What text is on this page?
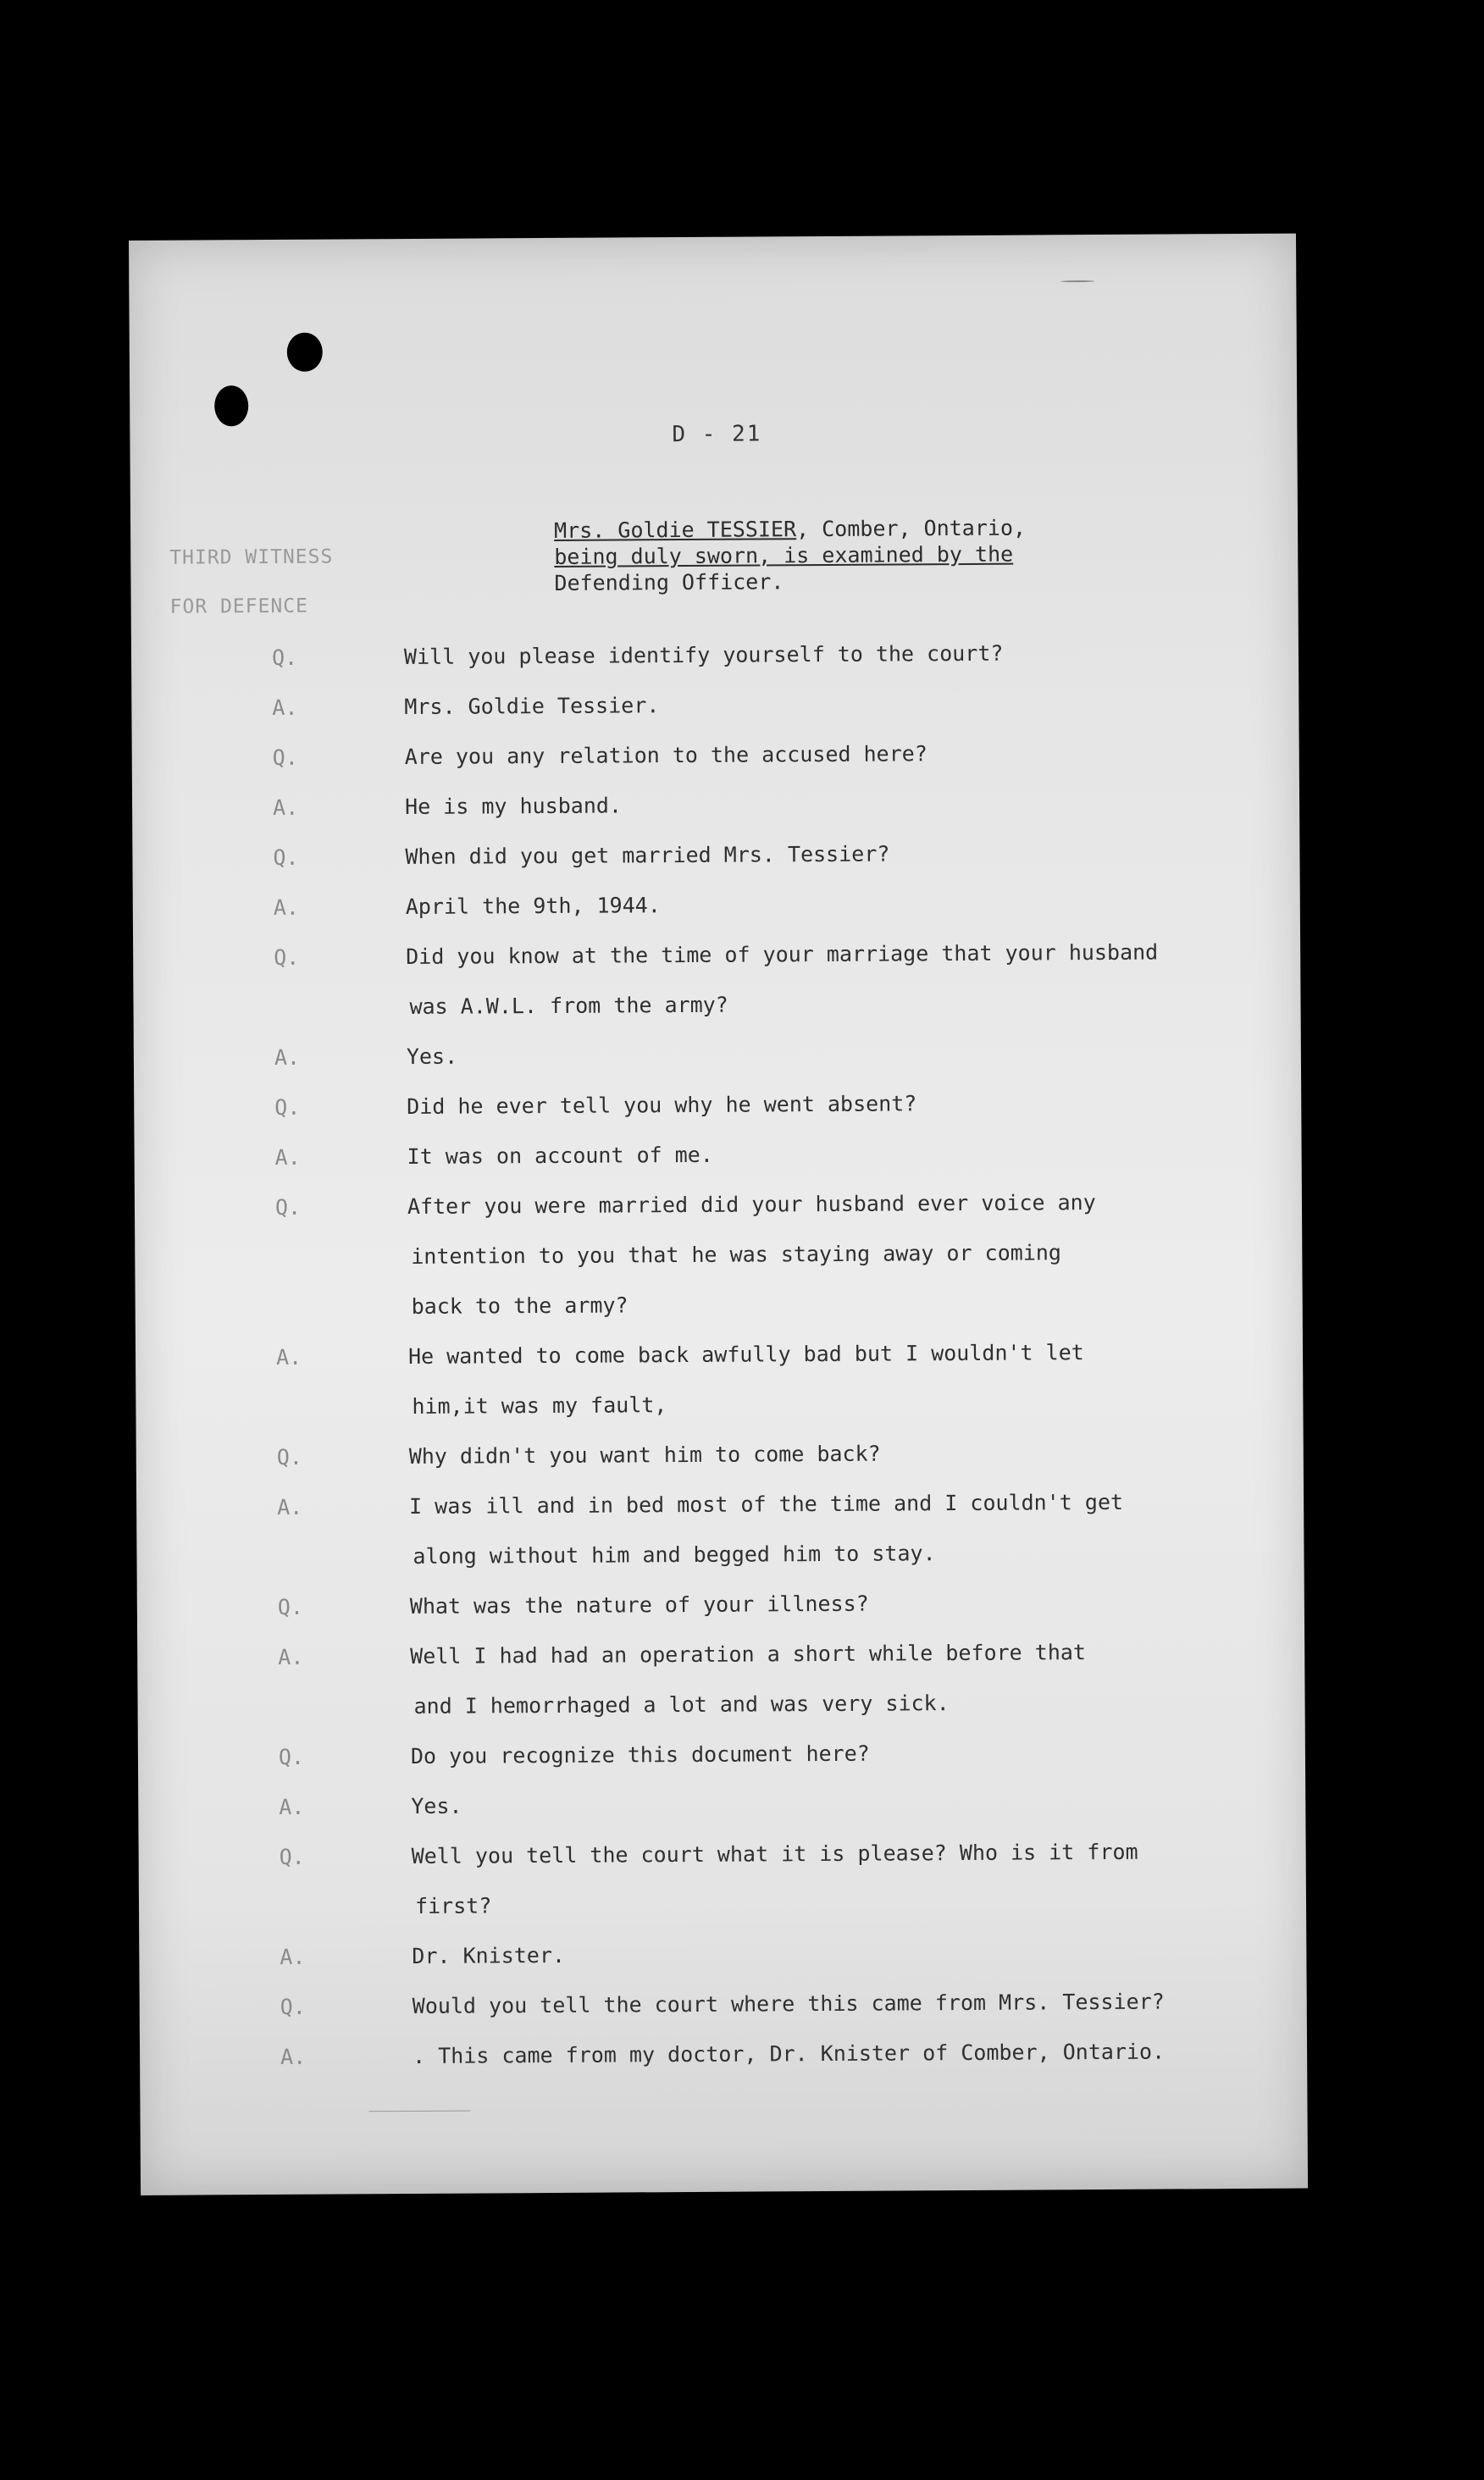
D - 21
THIRD WITNESS
FOR DEFENCE
Mrs. Goldie TESSIER, Comber, Ontario,
being duly sworn, is examined by the
Defending Officer.
Q.	Will you please identify yourself to the court?
A.	Mrs. Goldie Tessier.
Q.	Are you any relation to the accused here?
A.	He is my husband.
Q.	When did you get married Mrs. Tessier?
A.	April the 9th, 1944.
Q.	Did you know at the time of your marriage that your husband
was A.W.L. from the army?
A.	Yes.
Q.	Did he ever tell you why he went absent?
A.	It was on account of me.
Q.	After you were married did your husband ever voice any
intention to you that he was staying away or coming
back to the army?
A.	He wanted to come back awfully bad but I wouldn't let
him,it was my fault,
Q.	Why didn't you want him to come back?
A.	I was ill and in bed most of the time and I couldn't get
along without him and begged him to stay.
Q.	What was the nature of your illness?
A.	Well I had had an operation a short while before that
and I hemorrhaged a lot and was very sick.
Q.	Do you recognize this document here?
A.	Yes.
Q.	Well you tell the court what it is please? Who is it from
first?
A.	Dr. Knister.
Q.	Would you tell the court where this came from Mrs. Tessier?
A.	. This came from my doctor, Dr. Knister of Comber, Ontario.
